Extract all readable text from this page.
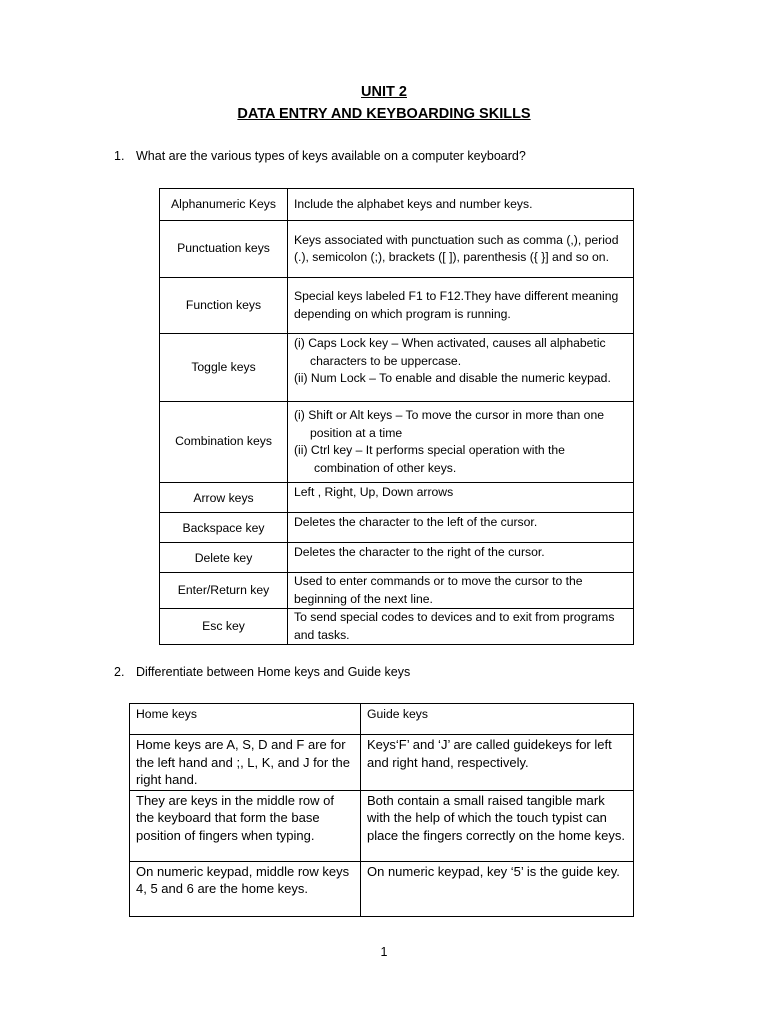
UNIT 2
DATA ENTRY AND KEYBOARDING SKILLS
1. What are the various types of keys available on a computer keyboard?
Alphanumeric Keys	Include the alphabet keys and number keys.
Punctuation keys	Keys associated with punctuation such as comma (,), period (.), semicolon (;), brackets ([ ]), parenthesis ({ }] and so on.
Function keys	Special keys labeled F1 to F12.They have different meaning depending on which program is running.
Toggle keys	(i) Caps Lock key – When activated, causes all alphabetic
characters to be uppercase.
(ii) Num Lock – To enable and disable the numeric keypad.

Combination keys	(i) Shift or Alt keys – To move the cursor in more than one
position at a time
(ii) Ctrl key – It performs special operation with the
combination of other keys.

Arrow keys	Left , Right, Up, Down arrows
Backspace key	Deletes the character to the left of the cursor.
Delete key	Deletes the character to the right of the cursor.
Enter/Return key	Used to enter commands or to move the cursor to the beginning of the next line.
Esc key	To send special codes to devices and to exit from programs and tasks.
2. Differentiate between Home keys and Guide keys
Home keys	Guide keys
Home keys are A, S, D and F are for the left hand and ;, L, K, and J for the right hand.	Keys‘F’ and ‘J’ are called guidekeys for left and right hand, respectively.
They are keys in the middle row of the keyboard that form the base position of fingers when typing.	Both contain a small raised tangible mark with the help of which the touch typist can place the fingers correctly on the home keys.
On numeric keypad, middle row keys 4, 5 and 6 are the home keys.	On numeric keypad, key ‘5’ is the guide key.
1
